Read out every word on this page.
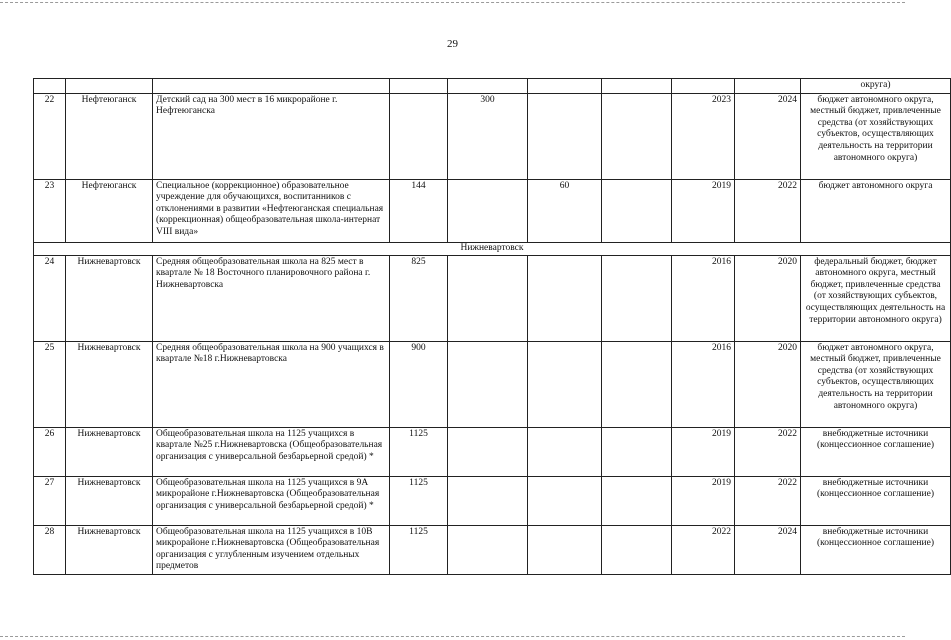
29
									округа)
22	Нефтеюганск	Детский сад на 300 мест в 16 микрорайоне г. Нефтеюганска		300			2023	2024	бюджет автономного округа, местный бюджет, привлеченные средства (от хозяйствующих субъектов, осуществляющих деятельность на территории автономного округа)
23	Нефтеюганск	Специальное (коррекционное) образовательное учреждение для обучающихся, воспитанников с отклонениями в развитии «Нефтеюганская специальная (коррекционная) общеобразовательная школа-интернат VIII вида»	144		60		2019	2022	бюджет автономного округа
Нижневартовск									
24	Нижневартовск	Средняя общеобразовательная школа на 825 мест в квартале № 18 Восточного планировочного района г. Нижневартовска	825				2016	2020	федеральный бюджет, бюджет автономного округа, местный бюджет, привлеченные средства (от хозяйствующих субъектов, осуществляющих деятельность на территории автономного округа)
25	Нижневартовск	Средняя общеобразовательная школа на 900 учащихся в квартале №18 г.Нижневартовска	900				2016	2020	бюджет автономного округа, местный бюджет, привлеченные средства (от хозяйствующих субъектов, осуществляющих деятельность на территории автономного округа)
26	Нижневартовск	Общеобразовательная школа на 1125 учащихся в квартале №25 г.Нижневартовска (Общеобразовательная организация с универсальной безбарьерной средой) *	1125				2019	2022	внебюджетные источники (концессионное соглашение)
27	Нижневартовск	Общеобразовательная школа на 1125 учащихся в 9А микрорайоне г.Нижневартовска (Общеобразовательная организация с универсальной безбарьерной средой) *	1125				2019	2022	внебюджетные источники (концессионное соглашение)
28	Нижневартовск	Общеобразовательная школа на 1125 учащихся в 10В микрорайоне г.Нижневартовска (Общеобразовательная организация с углубленным изучением отдельных предметов	1125				2022	2024	внебюджетные источники (концессионное соглашение)
